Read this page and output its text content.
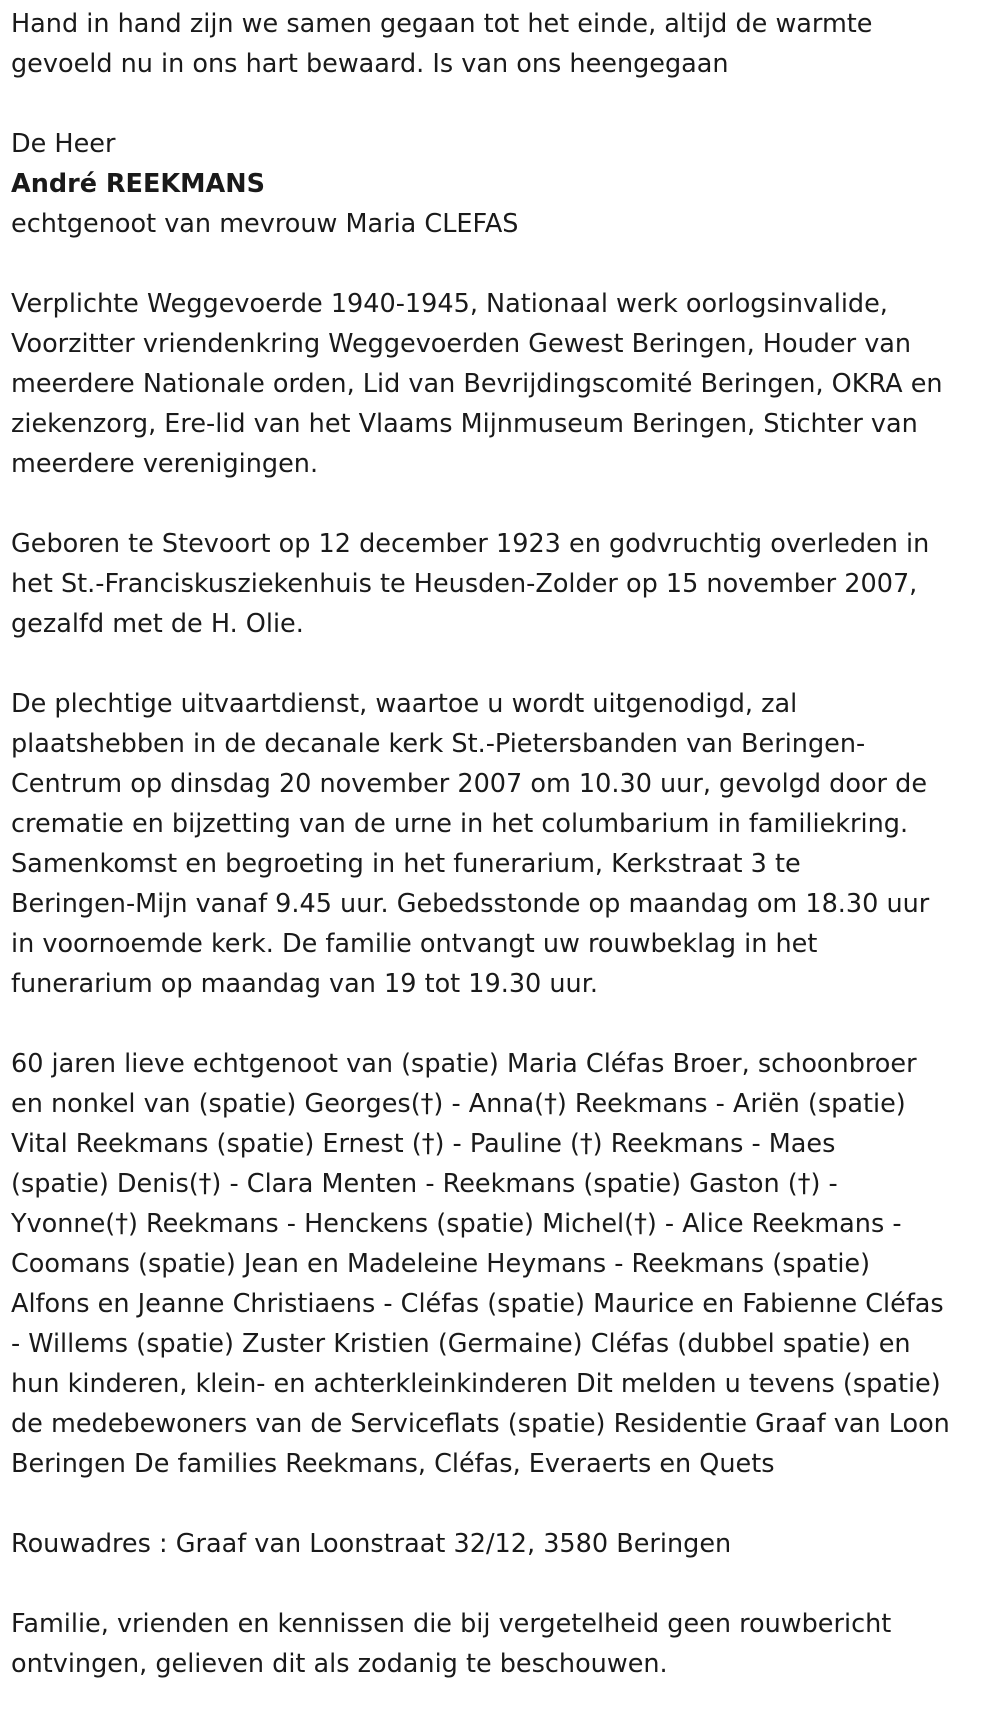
Hand in hand zijn we samen gegaan tot het einde, altijd de warmte
gevoeld nu in ons hart bewaard. Is van ons heengegaan

De Heer

André REEKMANS

echtgenoot van mevrouw Maria CLEFAS

Verplichte Weggevoerde 1940-1945, Nationaal werk oorlogsinvalide,
Voorzitter vriendenkring Weggevoerden Gewest Beringen, Houder van
meerdere Nationale orden, Lid van Bevrijdingscomité Beringen, OKRA en
ziekenzorg, Ere-lid van het Vlaams Mijnmuseum Beringen, Stichter van
meerdere verenigingen.

Geboren te Stevoort op 12 december 1923 en godvruchtig overleden in
het St.-Franciskusziekenhuis te Heusden-Zolder op 15 november 2007,
gezalfd met de H. Olie.

De plechtige uitvaartdienst, waartoe u wordt uitgenodigd, zal
plaatshebben in de decanale kerk St.-Pietersbanden van Beringen-
Centrum op dinsdag 20 november 2007 om 10.30 uur, gevolgd door de
crematie en bijzetting van de urne in het columbarium in familiekring.
Samenkomst en begroeting in het funerarium, Kerkstraat 3 te
Beringen-Mijn vanaf 9.45 uur. Gebedsstonde op maandag om 18.30 uur
in voornoemde kerk. De familie ontvangt uw rouwbeklag in het
funerarium op maandag van 19 tot 19.30 uur.

60 jaren lieve echtgenoot van (spatie) Maria Cléfas Broer, schoonbroer
en nonkel van (spatie) Georges(†) - Anna(†) Reekmans - Ariën (spatie)
Vital Reekmans (spatie) Ernest (†) - Pauline (†) Reekmans - Maes
(spatie) Denis(†) - Clara Menten - Reekmans (spatie) Gaston (†) -
Yvonne(†) Reekmans - Henckens (spatie) Michel(†) - Alice Reekmans -
Coomans (spatie) Jean en Madeleine Heymans - Reekmans (spatie)
Alfons en Jeanne Christiaens - Cléfas (spatie) Maurice en Fabienne Cléfas
- Willems (spatie) Zuster Kristien (Germaine) Cléfas (dubbel spatie) en
hun kinderen, klein- en achterkleinkinderen Dit melden u tevens (spatie)
de medebewoners van de Serviceflats (spatie) Residentie Graaf van Loon
Beringen De families Reekmans, Cléfas, Everaerts en Quets

Rouwadres : Graaf van Loonstraat 32/12, 3580 Beringen

Familie, vrienden en kennissen die bij vergetelheid geen rouwbericht
ontvingen, gelieven dit als zodanig te beschouwen.
